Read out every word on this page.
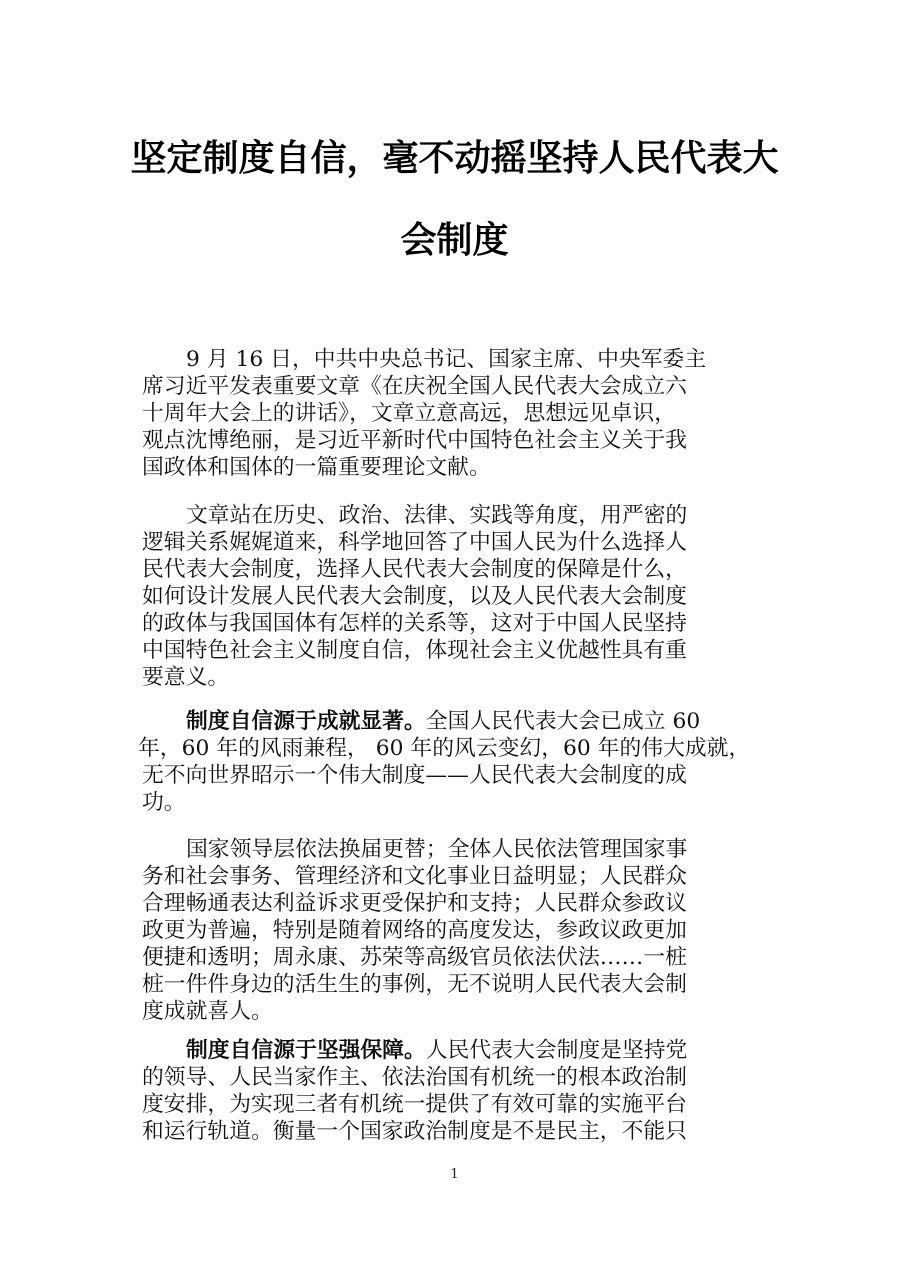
坚定制度自信，毫不动摇坚持人民代表大
会制度
9 月 16 日，中共中央总书记、国家主席、中央军委主
席习近平发表重要文章《在庆祝全国人民代表大会成立六
十周年大会上的讲话》，文章立意高远，思想远见卓识，
观点沈博绝丽，是习近平新时代中国特色社会主义关于我
国政体和国体的一篇重要理论文献。
文章站在历史、政治、法律、实践等角度，用严密的
逻辑关系娓娓道来，科学地回答了中国人民为什么选择人
民代表大会制度，选择人民代表大会制度的保障是什么，
如何设计发展人民代表大会制度，以及人民代表大会制度
的政体与我国国体有怎样的关系等，这对于中国人民坚持
中国特色社会主义制度自信，体现社会主义优越性具有重
要意义。
制度自信源于成就显著。全国人民代表大会已成立 60
年，60 年的风雨兼程， 60 年的风云变幻，60 年的伟大成就，
无不向世界昭示一个伟大制度——人民代表大会制度的成
功。
国家领导层依法换届更替；全体人民依法管理国家事
务和社会事务、管理经济和文化事业日益明显；人民群众
合理畅通表达利益诉求更受保护和支持；人民群众参政议
政更为普遍，特别是随着网络的高度发达，参政议政更加
便捷和透明；周永康、苏荣等高级官员依法伏法……一桩
桩一件件身边的活生生的事例，无不说明人民代表大会制
度成就喜人。
制度自信源于坚强保障。人民代表大会制度是坚持党
的领导、人民当家作主、依法治国有机统一的根本政治制
度安排，为实现三者有机统一提供了有效可靠的实施平台
和运行轨道。衡量一个国家政治制度是不是民主，不能只
1
